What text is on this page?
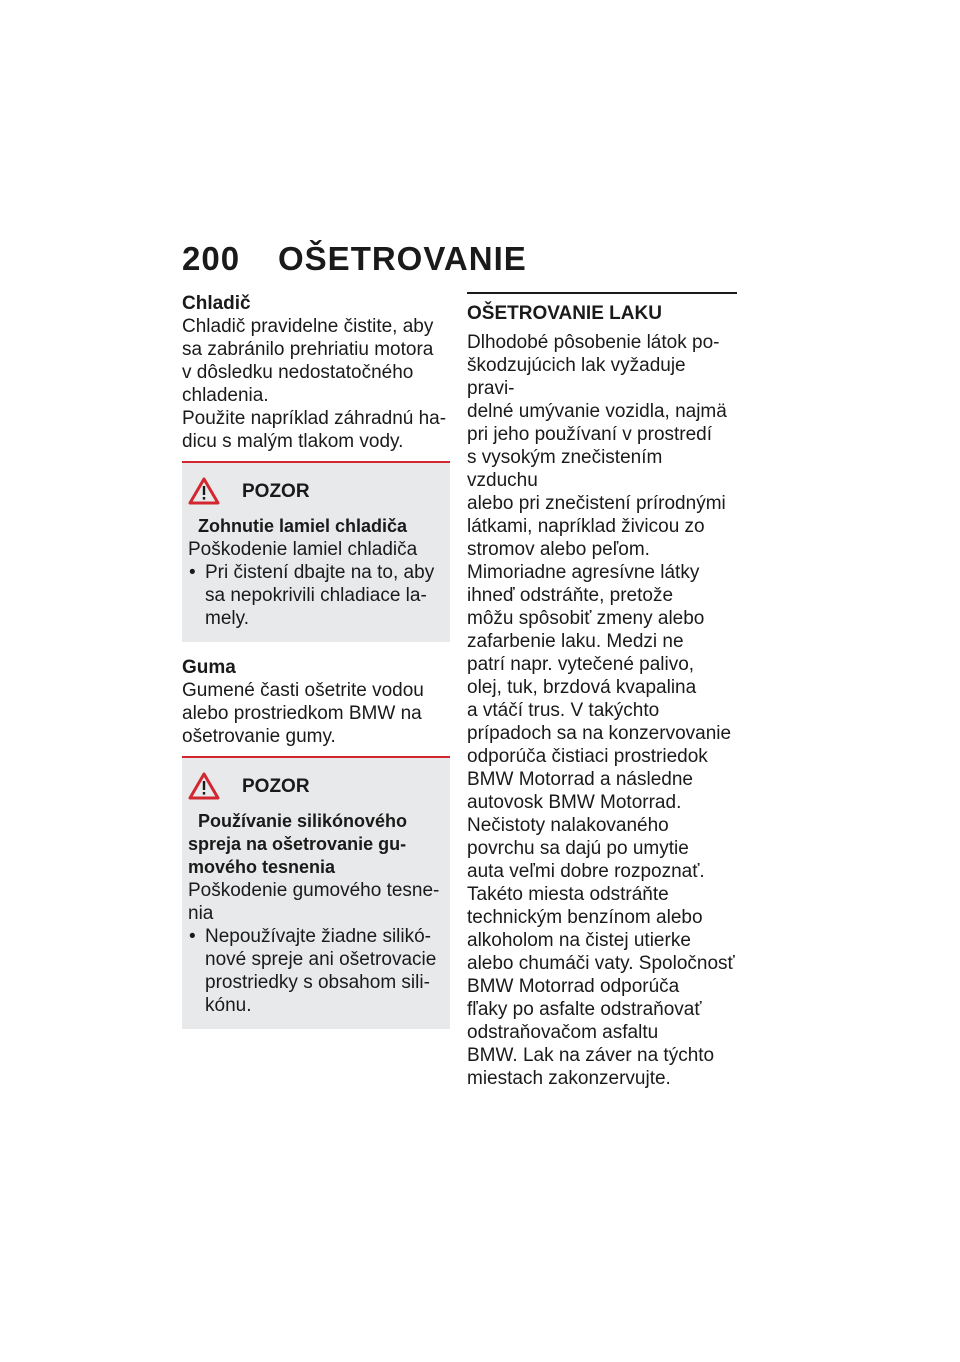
200	OŠETROVANIE

Chladič

Chladič pravidelne čistite, aby

sa zabránilo prehriatiu motora

v dôsledku nedostatočného

chladenia.

Použite napríklad záhradnú ha-

dicu s malým tlakom vody.

POZOR
Zohnutie lamiel chladiča
Poškodenie lamiel chladiča
• Pri čistení dbajte na to, aby
sa nepokrivili chladiace la-
mely.

Guma

Gumené časti ošetrite vodou

alebo prostriedkom BMW na

ošetrovanie gumy.

POZOR
Používanie silikónového
spreja na ošetrovanie gu-
mového tesnenia
Poškodenie gumového tesne-
nia
• Nepoužívajte žiadne silikó-
nové spreje ani ošetrovacie
prostriedky s obsahom sili-
kónu.

OŠETROVANIE LAKU

Dlhodobé pôsobenie látok po-

škodzujúcich lak vyžaduje pravi-

delné umývanie vozidla, najmä

pri jeho používaní v prostredí

s vysokým znečistením vzduchu

alebo pri znečistení prírodnými

látkami, napríklad živicou zo

stromov alebo peľom.

Mimoriadne agresívne látky

ihneď odstráňte, pretože

môžu spôsobiť zmeny alebo

zafarbenie laku. Medzi ne

patrí napr. vytečené palivo,

olej, tuk, brzdová kvapalina

a vtáčí trus. V takýchto

prípadoch sa na konzervovanie

odporúča čistiaci prostriedok

BMW Motorrad a následne

autovosk BMW Motorrad.

Nečistoty nalakovaného

povrchu sa dajú po umytie

auta veľmi dobre rozpoznať.

Takéto miesta odstráňte

technickým benzínom alebo

alkoholom na čistej utierke

alebo chumáči vaty. Spoločnosť

BMW Motorrad odporúča

fľaky po asfalte odstraňovať

odstraňovačom asfaltu

BMW. Lak na záver na týchto

miestach zakonzervujte.
